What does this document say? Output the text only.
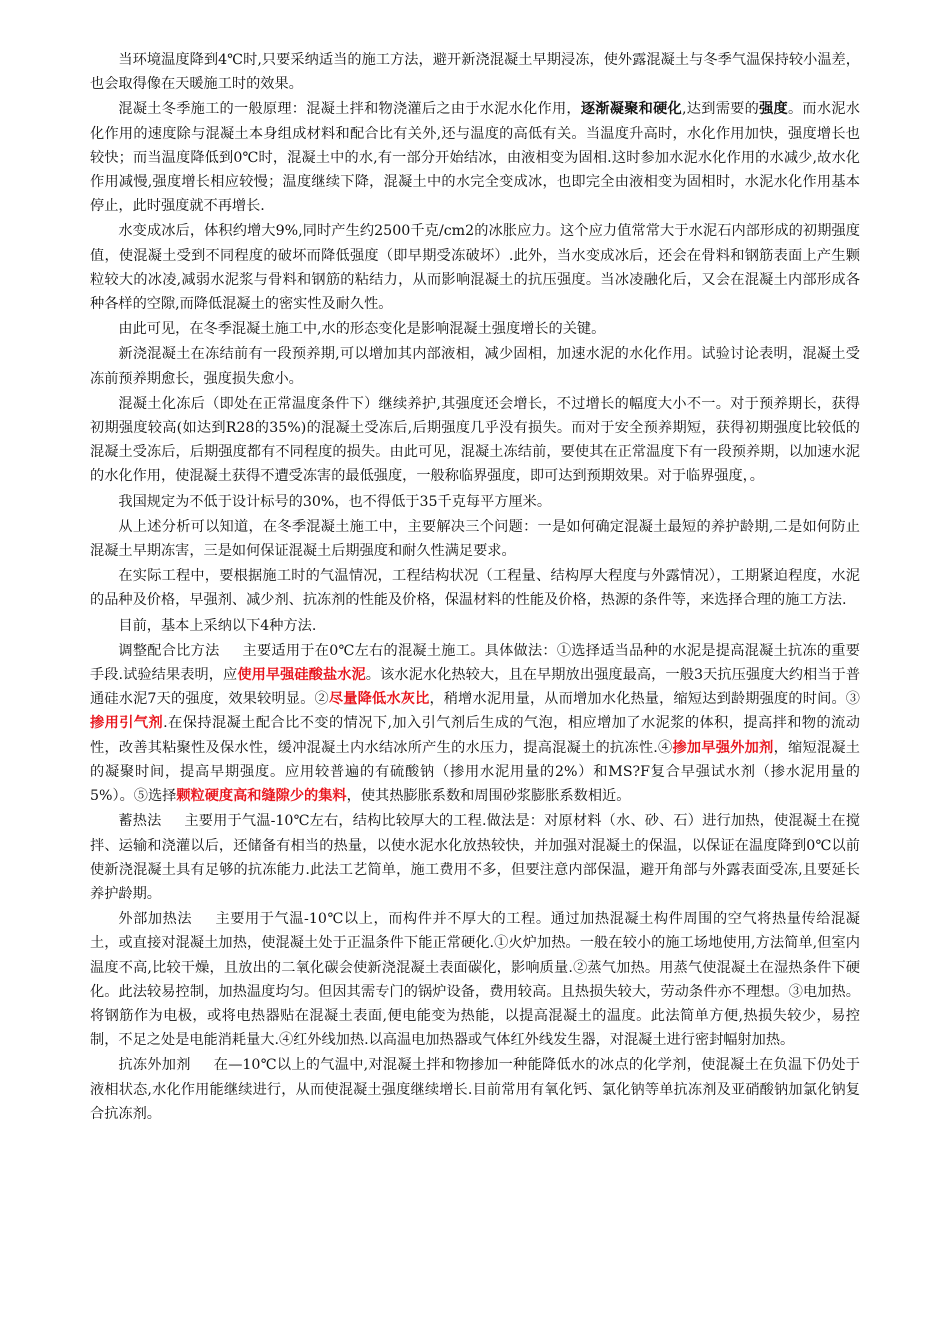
当环境温度降到4℃时,只要采纳适当的施工方法，避开新浇混凝土早期浸冻，使外露混凝土与冬季气温保持较小温差，也会取得像在天暖施工时的效果。

混凝土冬季施工的一般原理：混凝土拌和物浇灌后之由于水泥水化作用，逐渐凝聚和硬化,达到需要的强度。而水泥水化作用的速度除与混凝土本身组成材料和配合比有关外,还与温度的高低有关。当温度升高时，水化作用加快，强度增长也较快；而当温度降低到0℃时，混凝土中的水,有一部分开始结冰，由液相变为固相.这时参加水泥水化作用的水减少,故水化作用减慢,强度增长相应较慢；温度继续下降，混凝土中的水完全变成冰，也即完全由液相变为固相时，水泥水化作用基本停止，此时强度就不再增长.

水变成冰后，体积约增大9%,同时产生约2500千克/cm2的冰胀应力。这个应力值常常大于水泥石内部形成的初期强度值，使混凝土受到不同程度的破坏而降低强度（即早期受冻破坏）.此外，当水变成冰后，还会在骨料和钢筋表面上产生颗粒较大的冰凌,减弱水泥浆与骨料和钢筋的粘结力，从而影响混凝土的抗压强度。当冰凌融化后，又会在混凝土内部形成各种各样的空隙,而降低混凝土的密实性及耐久性。

由此可见，在冬季混凝土施工中,水的形态变化是影响混凝土强度增长的关键。

新浇混凝土在冻结前有一段预养期,可以增加其内部液相，减少固相，加速水泥的水化作用。试验讨论表明，混凝土受冻前预养期愈长，强度损失愈小。

混凝土化冻后（即处在正常温度条件下）继续养护,其强度还会增长，不过增长的幅度大小不一。对于预养期长，获得初期强度较高(如达到R28的35%)的混凝土受冻后,后期强度几乎没有损失。而对于安全预养期短，获得初期强度比较低的混凝土受冻后，后期强度都有不同程度的损失。由此可见，混凝土冻结前，要使其在正常温度下有一段预养期，以加速水泥的水化作用，使混凝土获得不遭受冻害的最低强度，一般称临界强度，即可达到预期效果。对于临界强度，。

我国规定为不低于设计标号的30%，也不得低于35千克每平方厘米。

从上述分析可以知道，在冬季混凝土施工中，主要解决三个问题：一是如何确定混凝土最短的养护龄期,二是如何防止混凝土早期冻害，三是如何保证混凝土后期强度和耐久性满足要求。

在实际工程中，要根据施工时的气温情况，工程结构状况（工程量、结构厚大程度与外露情况），工期紧迫程度，水泥的品种及价格，早强剂、减少剂、抗冻剂的性能及价格，保温材料的性能及价格，热源的条件等，来选择合理的施工方法.

目前，基本上采纳以下4种方法.

调整配合比方法 主要适用于在0℃左右的混凝土施工。具体做法：①选择适当品种的水泥是提高混凝土抗冻的重要手段.试验结果表明，应使用早强硅酸盐水泥。该水泥水化热较大，且在早期放出强度最高，一般3天抗压强度大约相当于普通硅水泥7天的强度，效果较明显。②尽量降低水灰比，稍增水泥用量，从而增加水化热量，缩短达到龄期强度的时间。③掺用引气剂.在保持混凝土配合比不变的情况下,加入引气剂后生成的气泡，相应增加了水泥浆的体积，提高拌和物的流动性，改善其粘聚性及保水性，缓冲混凝土内水结冰所产生的水压力，提高混凝土的抗冻性.④掺加早强外加剂，缩短混凝土的凝聚时间，提高早期强度。应用较普遍的有硫酸钠（掺用水泥用量的2%）和MS?F复合早强试水剂（掺水泥用量的5%）。⑤选择颗粒硬度高和缝隙少的集料，使其热膨胀系数和周围砂浆膨胀系数相近。

蓄热法 主要用于气温-10℃左右，结构比较厚大的工程.做法是：对原材料（水、砂、石）进行加热，使混凝土在搅拌、运输和浇灌以后，还储备有相当的热量，以使水泥水化放热较快，并加强对混凝土的保温，以保证在温度降到0℃以前使新浇混凝土具有足够的抗冻能力.此法工艺简单，施工费用不多，但要注意内部保温，避开角部与外露表面受冻,且要延长养护龄期。

外部加热法 主要用于气温-10℃以上，而构件并不厚大的工程。通过加热混凝土构件周围的空气将热量传给混凝土，或直接对混凝土加热，使混凝土处于正温条件下能正常硬化.①火炉加热。一般在较小的施工场地使用,方法简单,但室内温度不高,比较干燥，且放出的二氧化碳会使新浇混凝土表面碳化，影响质量.②蒸气加热。用蒸气使混凝土在湿热条件下硬化。此法较易控制，加热温度均匀。但因其需专门的锅炉设备，费用较高。且热损失较大，劳动条件亦不理想。③电加热。将钢筋作为电极，或将电热器贴在混凝土表面,便电能变为热能，以提高混凝土的温度。此法简单方便,热损失较少，易控制，不足之处是电能消耗量大.④红外线加热.以高温电加热器或气体红外线发生器，对混凝土进行密封幅射加热。

抗冻外加剂 在—10℃以上的气温中,对混凝土拌和物掺加一种能降低水的冰点的化学剂，使混凝土在负温下仍处于液相状态,水化作用能继续进行，从而使混凝土强度继续增长.目前常用有氧化钙、氯化钠等单抗冻剂及亚硝酸钠加氯化钠复合抗冻剂。
